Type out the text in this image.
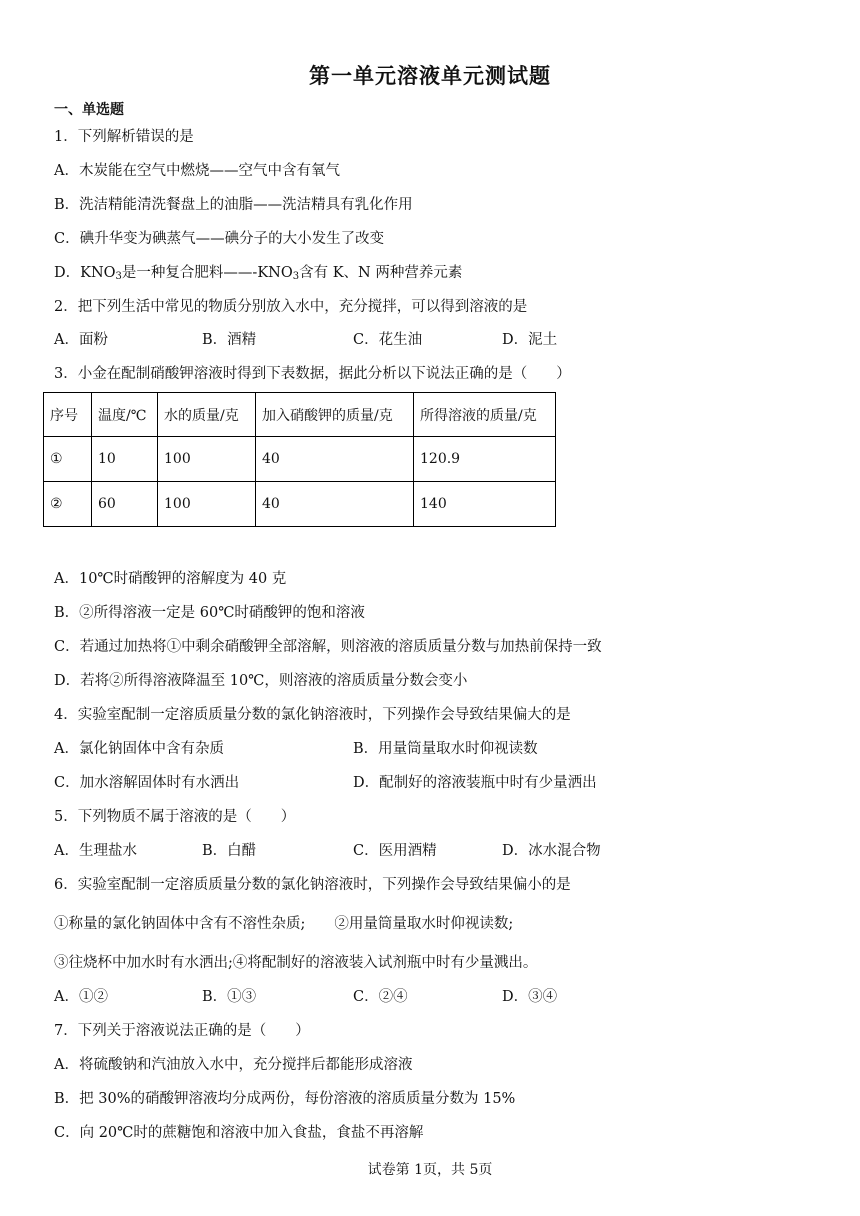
第一单元溶液单元测试题
一、单选题
1．下列解析错误的是
A．木炭能在空气中燃烧——空气中含有氧气
B．洗洁精能清洗餐盘上的油脂——洗洁精具有乳化作用
C．碘升华变为碘蒸气——碘分子的大小发生了改变
D．$KNO_3$是一种复合肥料$——-KNO_3$含有 K、N 两种营养元素
2．把下列生活中常见的物质分别放入水中，充分搅拌，可以得到溶液的是
A．面粉	B．酒精	C．花生油	D．泥土
3．小金在配制硝酸钾溶液时得到下表数据，据此分析以下说法正确的是（　　）
序号	温度/℃	水的质量/克	加入硝酸钾的质量/克	所得溶液的质量/克
①	10	100	40	120.9
②	60	100	40	140
A．10℃时硝酸钾的溶解度为 40 克
B．②所得溶液一定是 60℃时硝酸钾的饱和溶液
C．若通过加热将①中剩余硝酸钾全部溶解，则溶液的溶质质量分数与加热前保持一致
D．若将②所得溶液降温至 10℃，则溶液的溶质质量分数会变小
4．实验室配制一定溶质质量分数的氯化钠溶液时，下列操作会导致结果偏大的是
A．氯化钠固体中含有杂质	B．用量筒量取水时仰视读数
C．加水溶解固体时有水洒出	D．配制好的溶液装瓶中时有少量洒出
5．下列物质不属于溶液的是（　　）
A．生理盐水	B．白醋	C．医用酒精	D．冰水混合物
6．实验室配制一定溶质质量分数的氯化钠溶液时，下列操作会导致结果偏小的是
①称量的氯化钠固体中含有不溶性杂质;　　②用量筒量取水时仰视读数;
③往烧杯中加水时有水洒出;④将配制好的溶液装入试剂瓶中时有少量溅出。
A．①②	B．①③	C．②④	D．③④
7．下列关于溶液说法正确的是（　　）
A．将硫酸钠和汽油放入水中，充分搅拌后都能形成溶液
B．把 30%的硝酸钾溶液均分成两份，每份溶液的溶质质量分数为 15%
C．向 20℃时的蔗糖饱和溶液中加入食盐，食盐不再溶解
试卷第 1页，共 5页
